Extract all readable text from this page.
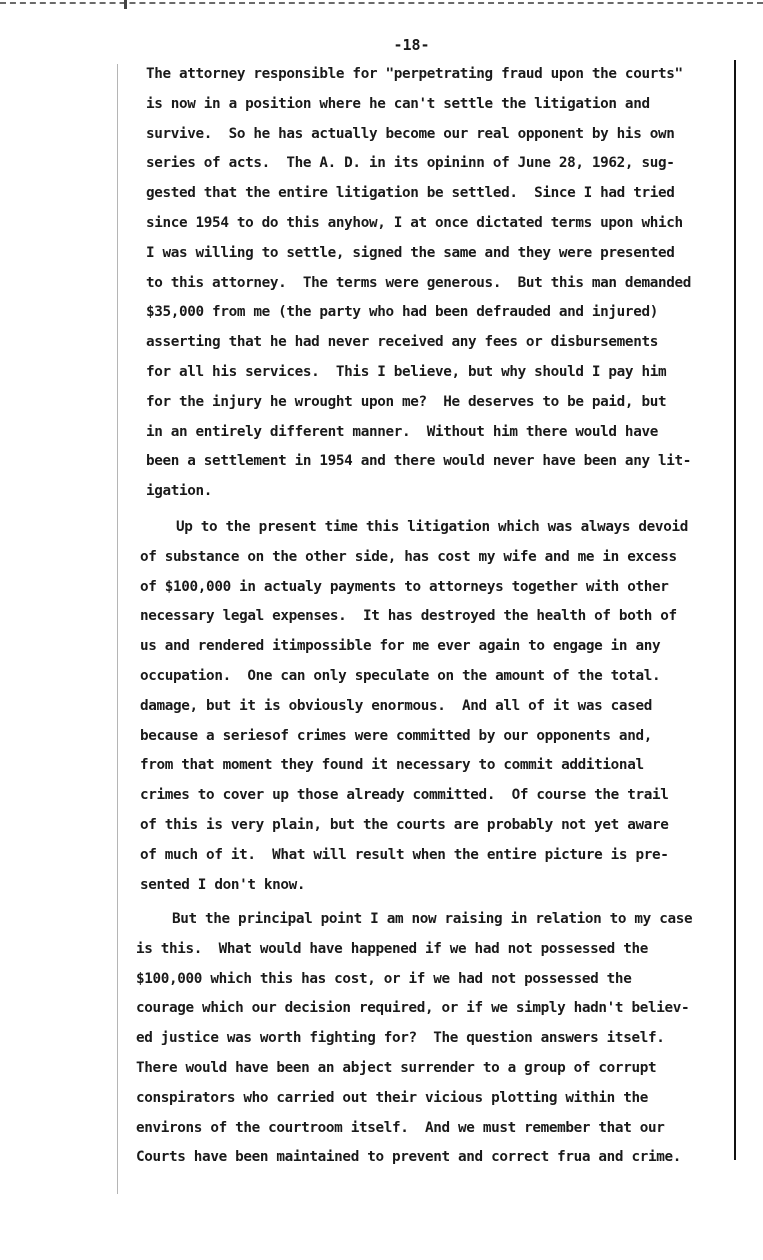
-18-
The attorney responsible for "perpetrating fraud upon the courts"
is now in a position where he can't settle the litigation and
survive.  So he has actually become our real opponent by his own
series of acts.  The A. D. in its opininn of June 28, 1962, sug-
gested that the entire litigation be settled.  Since I had tried
since 1954 to do this anyhow, I at once dictated terms upon which
I was willing to settle, signed the same and they were presented
to this attorney.  The terms were generous.  But this man demanded
$35,000 from me (the party who had been defrauded and injured)
asserting that he had never received any fees or disbursements
for all his services.  This I believe, but why should I pay him
for the injury he wrought upon me?  He deserves to be paid, but
in an entirely different manner.  Without him there would have
been a settlement in 1954 and there would never have been any lit-
igation.
Up to the present time this litigation which was always devoid
of substance on the other side, has cost my wife and me in excess
of $100,000 in actualy payments to attorneys together with other
necessary legal expenses.  It has destroyed the health of both of
us and rendered itimpossible for me ever again to engage in any
occupation.  One can only speculate on the amount of the total.
damage, but it is obviously enormous.  And all of it was cased
because a seriesof crimes were committed by our opponents and,
from that moment they found it necessary to commit additional
crimes to cover up those already committed.  Of course the trail
of this is very plain, but the courts are probably not yet aware
of much of it.  What will result when the entire picture is pre-
sented I don't know.
But the principal point I am now raising in relation to my case
is this.  What would have happened if we had not possessed the
$100,000 which this has cost, or if we had not possessed the
courage which our decision required, or if we simply hadn't believ-
ed justice was worth fighting for?  The question answers itself.
There would have been an abject surrender to a group of corrupt
conspirators who carried out their vicious plotting within the
environs of the courtroom itself.  And we must remember that our
Courts have been maintained to prevent and correct frua and crime.
